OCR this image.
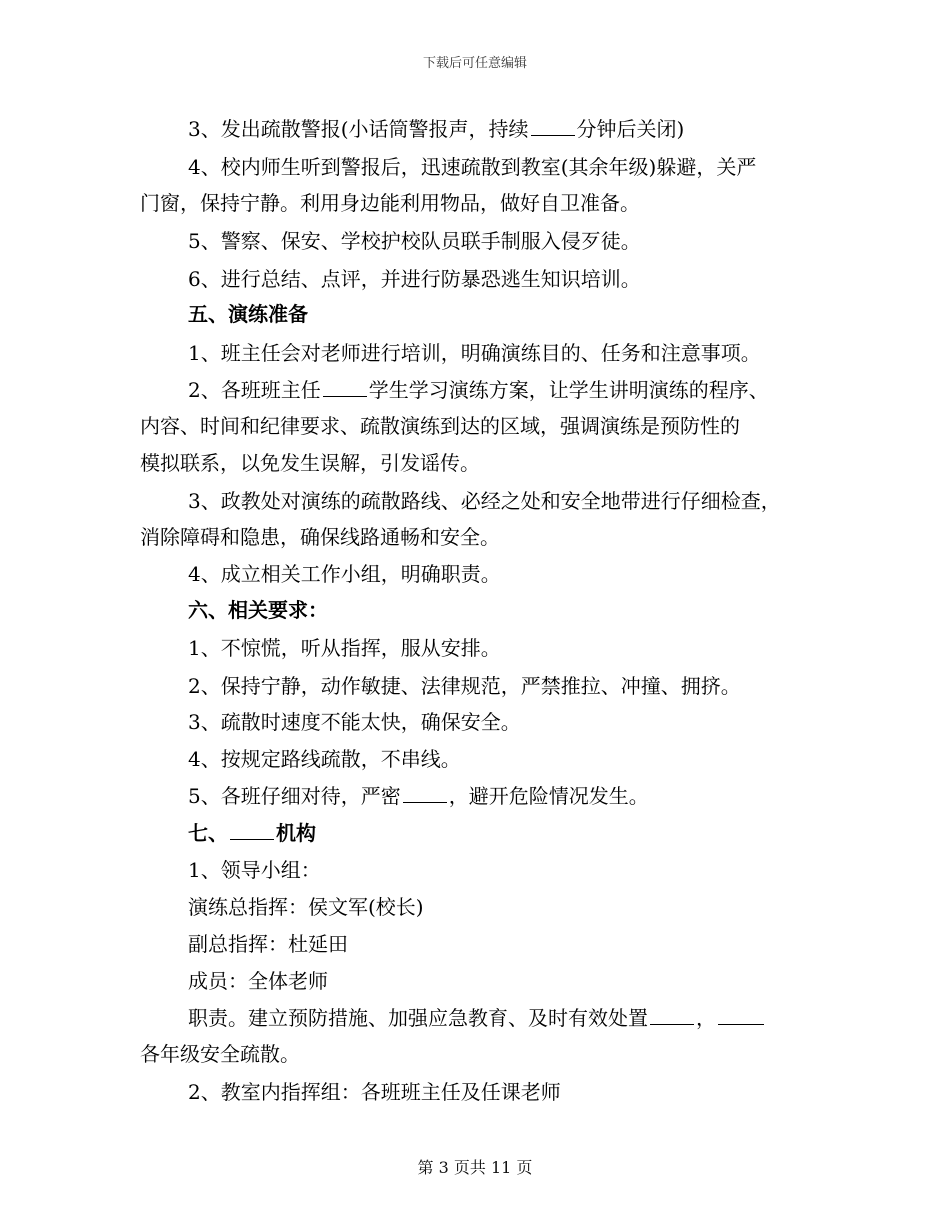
下载后可任意编辑
3、发出疏散警报(小话筒警报声，持续 分钟后关闭)
4、校内师生听到警报后，迅速疏散到教室(其余年级)躲避，关严
门窗，保持宁静。利用身边能利用物品，做好自卫准备。
5、警察、保安、学校护校队员联手制服入侵歹徒。
6、进行总结、点评，并进行防暴恐逃生知识培训。
五、演练准备
1、班主任会对老师进行培训，明确演练目的、任务和注意事项。
2、各班班主任 学生学习演练方案，让学生讲明演练的程序、
内容、时间和纪律要求、疏散演练到达的区域，强调演练是预防性的
模拟联系，以免发生误解，引发谣传。
3、政教处对演练的疏散路线、必经之处和安全地带进行仔细检查，
消除障碍和隐患，确保线路通畅和安全。
4、成立相关工作小组，明确职责。
六、相关要求：
1、不惊慌，听从指挥，服从安排。
2、保持宁静，动作敏捷、法律规范，严禁推拉、冲撞、拥挤。
3、疏散时速度不能太快，确保安全。
4、按规定路线疏散，不串线。
5、各班仔细对待，严密 ，避开危险情况发生。
七、 机构
1、领导小组：
演练总指挥：侯文军(校长)
副总指挥：杜延田
成员：全体老师
职责。建立预防措施、加强应急教育、及时有效处置 ，
各年级安全疏散。
2、教室内指挥组：各班班主任及任课老师
第 3 页共 11 页
